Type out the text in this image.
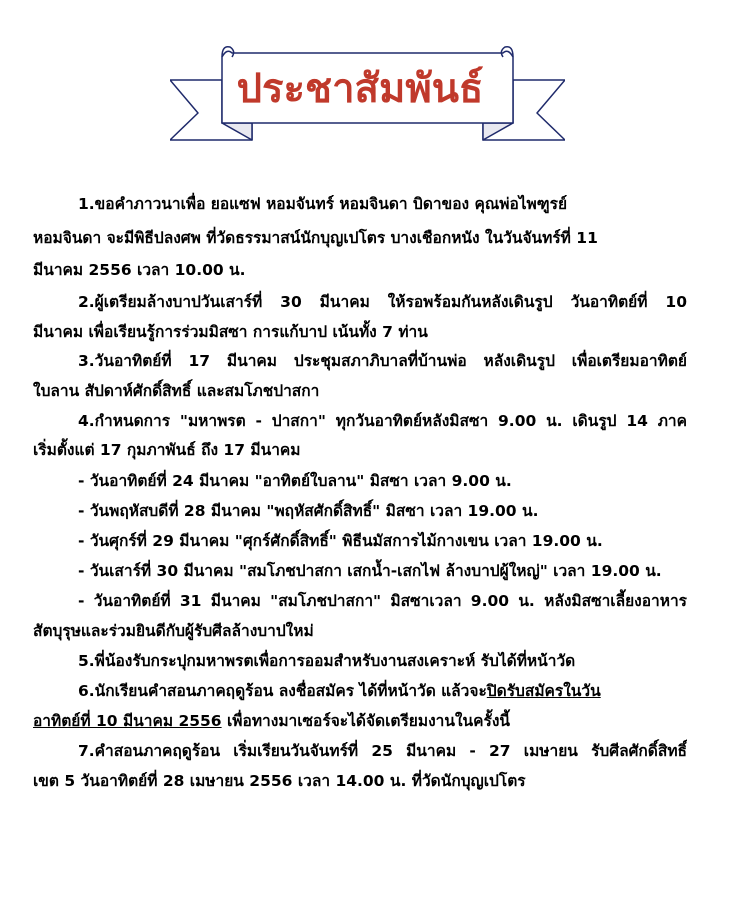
ประชาสัมพันธ์
1.ขอคำภาวนาเพื่อ ยอแซฟ หอมจันทร์ หอมจินดา บิดาของ คุณพ่อไพฑูรย์
หอมจินดา จะมีพิธีปลงศพ ที่วัดธรรมาสน์นักบุญเปโตร บางเชือกหนัง ในวันจันทร์ที่ 11
มีนาคม 2556 เวลา 10.00 น.
2.ผู้เตรียมล้างบาปวันเสาร์ที่ 30 มีนาคม ให้รอพร้อมกันหลังเดินรูป วันอาทิตย์ที่ 10
มีนาคม เพื่อเรียนรู้การร่วมมิสซา การแก้บาป เน้นทั้ง 7 ท่าน
3.วันอาทิตย์ที่ 17 มีนาคม ประชุมสภาภิบาลที่บ้านพ่อ หลังเดินรูป เพื่อเตรียมอาทิตย์
ใบลาน สัปดาห์ศักดิ์สิทธิ์ และสมโภชปาสกา
4.กำหนดการ "มหาพรต - ปาสกา" ทุกวันอาทิตย์หลังมิสซา 9.00 น. เดินรูป 14 ภาค
เริ่มตั้งแต่ 17 กุมภาพันธ์ ถึง 17 มีนาคม
- วันอาทิตย์ที่ 24 มีนาคม "อาทิตย์ใบลาน" มิสซา เวลา 9.00 น.
- วันพฤหัสบดีที่ 28 มีนาคม "พฤหัสศักดิ์สิทธิ์" มิสซา เวลา 19.00 น.
- วันศุกร์ที่ 29 มีนาคม "ศุกร์ศักดิ์สิทธิ์" พิธีนมัสการไม้กางเขน เวลา 19.00 น.
- วันเสาร์ที่ 30 มีนาคม "สมโภชปาสกา เสกน้ำ-เสกไฟ ล้างบาปผู้ใหญ่" เวลา 19.00 น.
- วันอาทิตย์ที่ 31 มีนาคม "สมโภชปาสกา" มิสซาเวลา 9.00 น. หลังมิสซาเลี้ยงอาหาร
สัตบุรุษและร่วมยินดีกับผู้รับศีลล้างบาปใหม่
5.พี่น้องรับกระปุกมหาพรตเพื่อการออมสำหรับงานสงเคราะห์ รับได้ที่หน้าวัด
6.นักเรียนคำสอนภาคฤดูร้อน ลงชื่อสมัคร ได้ที่หน้าวัด แล้วจะปิดรับสมัครในวัน
อาทิตย์ที่ 10 มีนาคม 2556 เพื่อทางมาเซอร์จะได้จัดเตรียมงานในครั้งนี้
7.คำสอนภาคฤดูร้อน เริ่มเรียนวันจันทร์ที่ 25 มีนาคม - 27 เมษายน รับศีลศักดิ์สิทธิ์
เขต 5 วันอาทิตย์ที่ 28 เมษายน 2556 เวลา 14.00 น. ที่วัดนักบุญเปโตร
